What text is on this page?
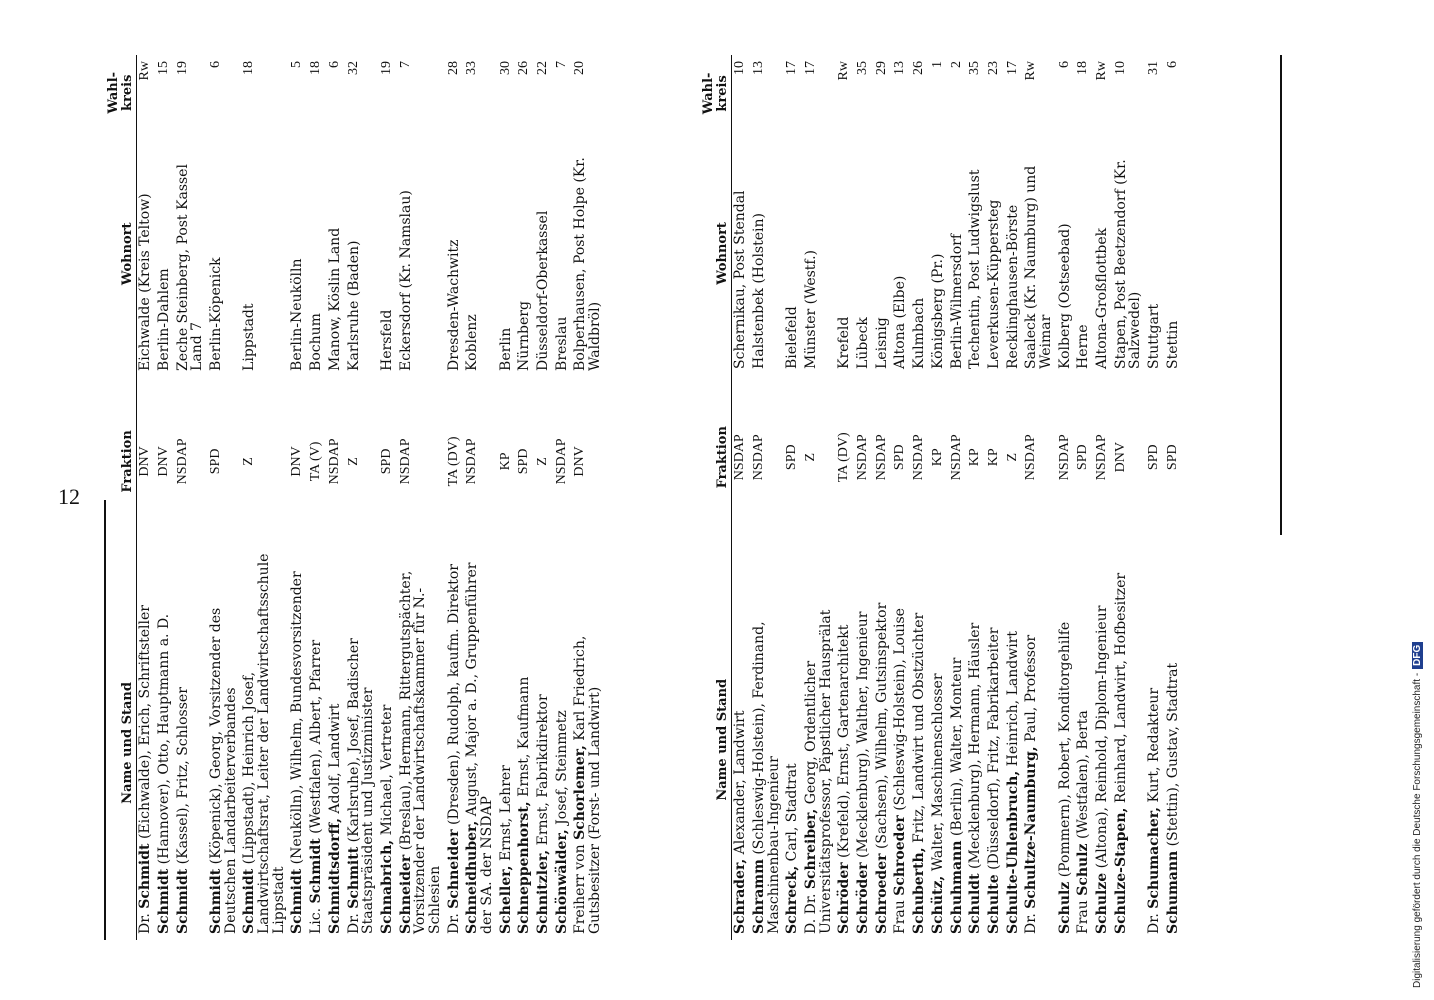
12
Name und Stand	Fraktion	Wohnort	Wahl-kreis
Dr. Schmidt (Eichwalde), Erich, Schriftsteller	DNV	Eichwalde (Kreis Teltow)	Rw
Schmidt (Hannover), Otto, Hauptmann a. D.	DNV	Berlin-Dahlem	15
Schmidt (Kassel), Fritz, Schlosser	NSDAP	Zeche Steinberg, Post Kassel Land 7	19
Schmidt (Köpenick), Georg, Vorsitzender des Deutschen Landarbeiterverbandes	SPD	Berlin-Köpenick	6
Schmidt (Lippstadt), Heinrich Josef, Landwirtschaftsrat, Leiter der Landwirtschaftsschule Lippstadt	Z	Lippstadt	18
Schmidt (Neukölln), Wilhelm, Bundesvorsitzender	DNV	Berlin-Neukölln	5
Lic. Schmidt (Westfalen), Albert, Pfarrer	TA (V)	Bochum	18
Schmidtsdorff, Adolf, Landwirt	NSDAP	Manow, Köslin Land	6
Dr. Schmitt (Karlsruhe), Josef, Badischer Staatspräsident und Justizminister	Z	Karlsruhe (Baden)	32
Schnabrich, Michael, Vertreter	SPD	Hersfeld	19
Schneider (Breslau), Hermann, Rittergutspächter, Vorsitzender der Landwirtschaftskammer für N.-Schlesien	NSDAP	Eckersdorf (Kr. Namslau)	7
Dr. Schneider (Dresden), Rudolph, kaufm. Direktor	TA (DV)	Dresden-Wachwitz	28
Schneidhuber, August, Major a. D., Gruppenführer der SA. der NSDAP	NSDAP	Koblenz	33
Scheller, Ernst, Lehrer	KP	Berlin	30
Schneppenhorst, Ernst, Kaufmann	SPD	Nürnberg	26
Schnitzler, Ernst, Fabrikdirektor	Z	Düsseldorf-Oberkassel	22
Schönwälder, Josef, Steinmetz	NSDAP	Breslau	7
Freiherr von Schorlemer, Karl Friedrich, Gutsbesitzer (Forst- und Landwirt)	DNV	Bolperhausen, Post Holpe (Kr. Waldbröl)	20
Name und Stand	Fraktion	Wohnort	Wahl-kreis
Schrader, Alexander, Landwirt	NSDAP	Schernikau, Post Stendal	10
Schramm (Schleswig-Holstein), Ferdinand, Maschinenbau-Ingenieur	NSDAP	Halstenbek (Holstein)	13
Schreck, Carl, Stadtrat	SPD	Bielefeld	17
D. Dr. Schreiber, Georg, Ordentlicher Universitätsprofessor, Päpstlicher Hausprälat	Z	Münster (Westf.)	17
Schröder (Krefeld), Ernst, Gartenarchitekt	TA (DV)	Krefeld	Rw
Schröder (Mecklenburg), Walther, Ingenieur	NSDAP	Lübeck	35
Schroeder (Sachsen), Wilhelm, Gutsinspektor	NSDAP	Leisnig	29
Frau Schroeder (Schleswig-Holstein), Louise	SPD	Altona (Elbe)	13
Schuberth, Fritz, Landwirt und Obstzüchter	NSDAP	Kulmbach	26
Schütz, Walter, Maschinenschlosser	KP	Königsberg (Pr.)	1
Schuhmann (Berlin), Walter, Monteur	NSDAP	Berlin-Wilmersdorf	2
Schuldt (Mecklenburg), Hermann, Häusler	KP	Techentin, Post Ludwigslust	35
Schulte (Düsseldorf), Fritz, Fabrikarbeiter	KP	Leverkusen-Küppersteg	23
Schulte-Uhlenbruch, Heinrich, Landwirt	Z	Recklinghausen-Börste	17
Dr. Schultze-Naumburg, Paul, Professor	NSDAP	Saaleck (Kr. Naumburg) und Weimar	Rw
Schulz (Pommern), Robert, Konditorgehilfe	NSDAP	Kolberg (Ostseebad)	6
Frau Schulz (Westfalen), Berta	SPD	Herne	18
Schulze (Altona), Reinhold, Diplom-Ingenieur	NSDAP	Altona-Großflottbek	Rw
Schulze-Stapen, Reinhard, Landwirt, Hofbesitzer	DNV	Stapen, Post Beetzendorf (Kr. Salzwedel)	10
Dr. Schumacher, Kurt, Redakteur	SPD	Stuttgart	31
Schumann (Stettin), Gustav, Stadtrat	SPD	Stettin	6
Digitalisierung gefördert durch die Deutsche Forschungsgemeinschaft -DFG
